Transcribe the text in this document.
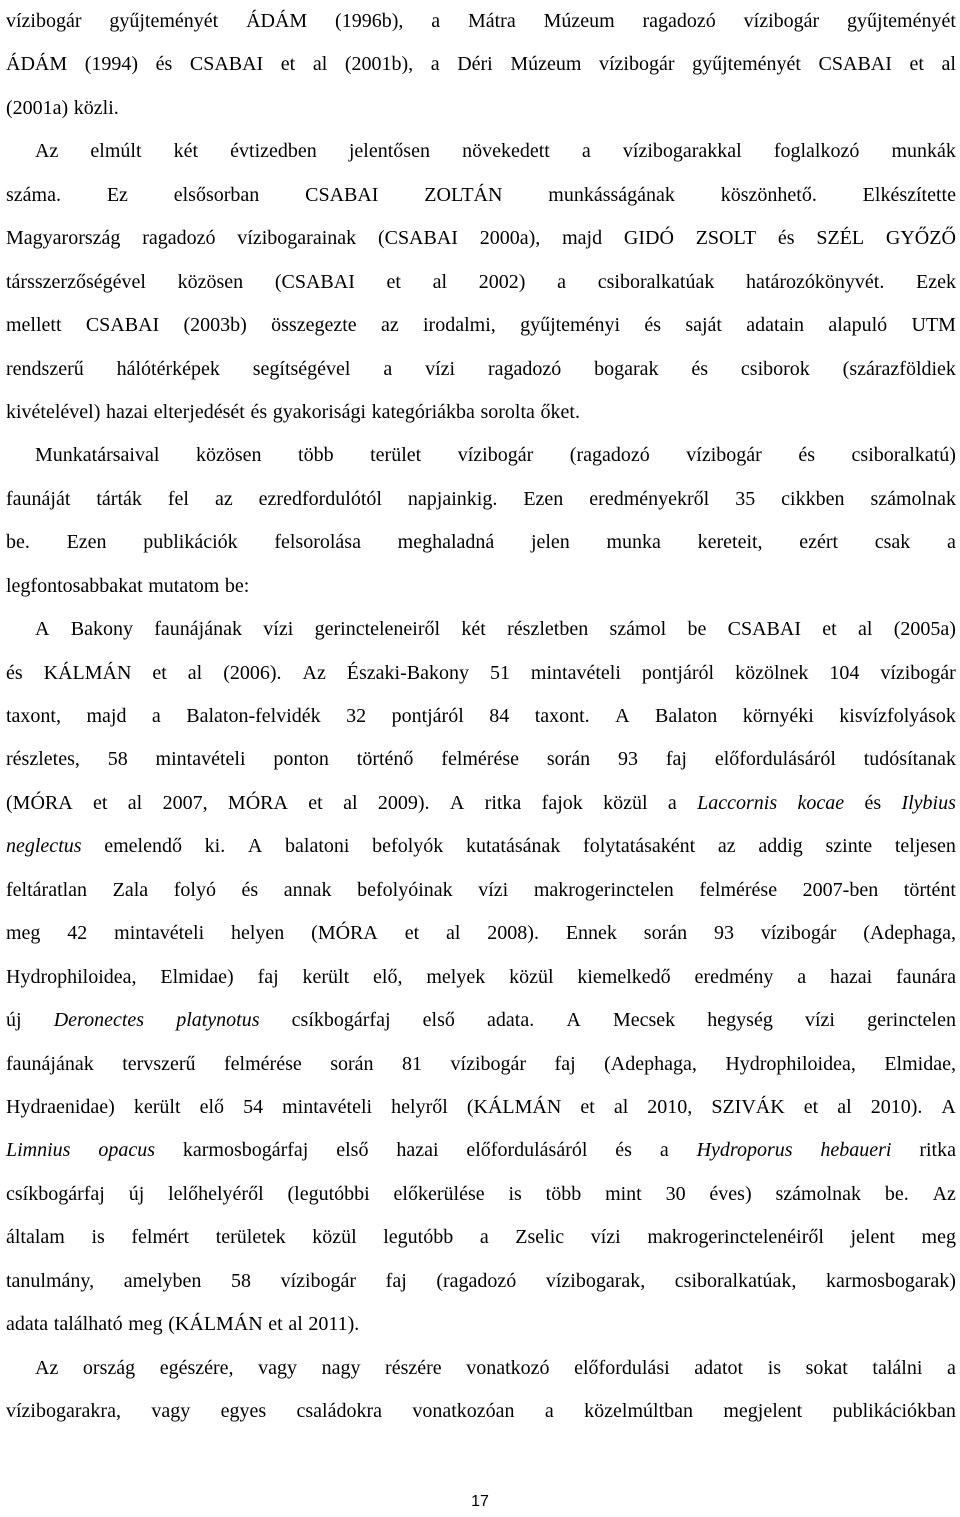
vízibogár gyűjteményét ÁDÁM (1996b), a Mátra Múzeum ragadozó vízibogár gyűjteményét
ÁDÁM (1994) és CSABAI et al (2001b), a Déri Múzeum vízibogár gyűjteményét CSABAI et al
(2001a) közli.
Az elmúlt két évtizedben jelentősen növekedett a vízibogarakkal foglalkozó munkák
száma. Ez elsősorban CSABAI ZOLTÁN munkásságának köszönhető. Elkészítette
Magyarország ragadozó vízibogarainak (CSABAI 2000a), majd GIDÓ ZSOLT és SZÉL GYŐZŐ
társszerzőségével közösen (CSABAI et al 2002) a csiboralkatúak határozókönyvét. Ezek
mellett CSABAI (2003b) összegezte az irodalmi, gyűjteményi és saját adatain alapuló UTM
rendszerű hálótérképek segítségével a vízi ragadozó bogarak és csiborok (szárazföldiek
kivételével) hazai elterjedését és gyakorisági kategóriákba sorolta őket.
Munkatársaival közösen több terület vízibogár (ragadozó vízibogár és csiboralkatú)
faunáját tárták fel az ezredfordulótól napjainkig. Ezen eredményekről 35 cikkben számolnak
be. Ezen publikációk felsorolása meghaladná jelen munka kereteit, ezért csak a
legfontosabbakat mutatom be:
A Bakony faunájának vízi gerincteleneiről két részletben számol be CSABAI et al (2005a)
és KÁLMÁN et al (2006). Az Északi-Bakony 51 mintavételi pontjáról közölnek 104 vízibogár
taxont, majd a Balaton-felvidék 32 pontjáról 84 taxont. A Balaton környéki kisvízfolyások
részletes, 58 mintavételi ponton történő felmérése során 93 faj előfordulásáról tudósítanak
(MÓRA et al 2007, MÓRA et al 2009). A ritka fajok közül a Laccornis kocae és Ilybius
neglectus emelendő ki. A balatoni befolyók kutatásának folytatásaként az addig szinte teljesen
feltáratlan Zala folyó és annak befolyóinak vízi makrogerinctelen felmérése 2007-ben történt
meg 42 mintavételi helyen (MÓRA et al 2008). Ennek során 93 vízibogár (Adephaga,
Hydrophiloidea, Elmidae) faj került elő, melyek közül kiemelkedő eredmény a hazai faunára
új Deronectes platynotus csíkbogárfaj első adata. A Mecsek hegység vízi gerinctelen
faunájának tervszerű felmérése során 81 vízibogár faj (Adephaga, Hydrophiloidea, Elmidae,
Hydraenidae) került elő 54 mintavételi helyről (KÁLMÁN et al 2010, SZIVÁK et al 2010). A
Limnius opacus karmosbogárfaj első hazai előfordulásáról és a Hydroporus hebaueri ritka
csíkbogárfaj új lelőhelyéről (legutóbbi előkerülése is több mint 30 éves) számolnak be. Az
általam is felmért területek közül legutóbb a Zselic vízi makrogerinctelenéiről jelent meg
tanulmány, amelyben 58 vízibogár faj (ragadozó vízibogarak, csiboralkatúak, karmosbogarak)
adata található meg (KÁLMÁN et al 2011).
Az ország egészére, vagy nagy részére vonatkozó előfordulási adatot is sokat találni a
vízibogarakra, vagy egyes családokra vonatkozóan a közelmúltban megjelent publikációkban
17
